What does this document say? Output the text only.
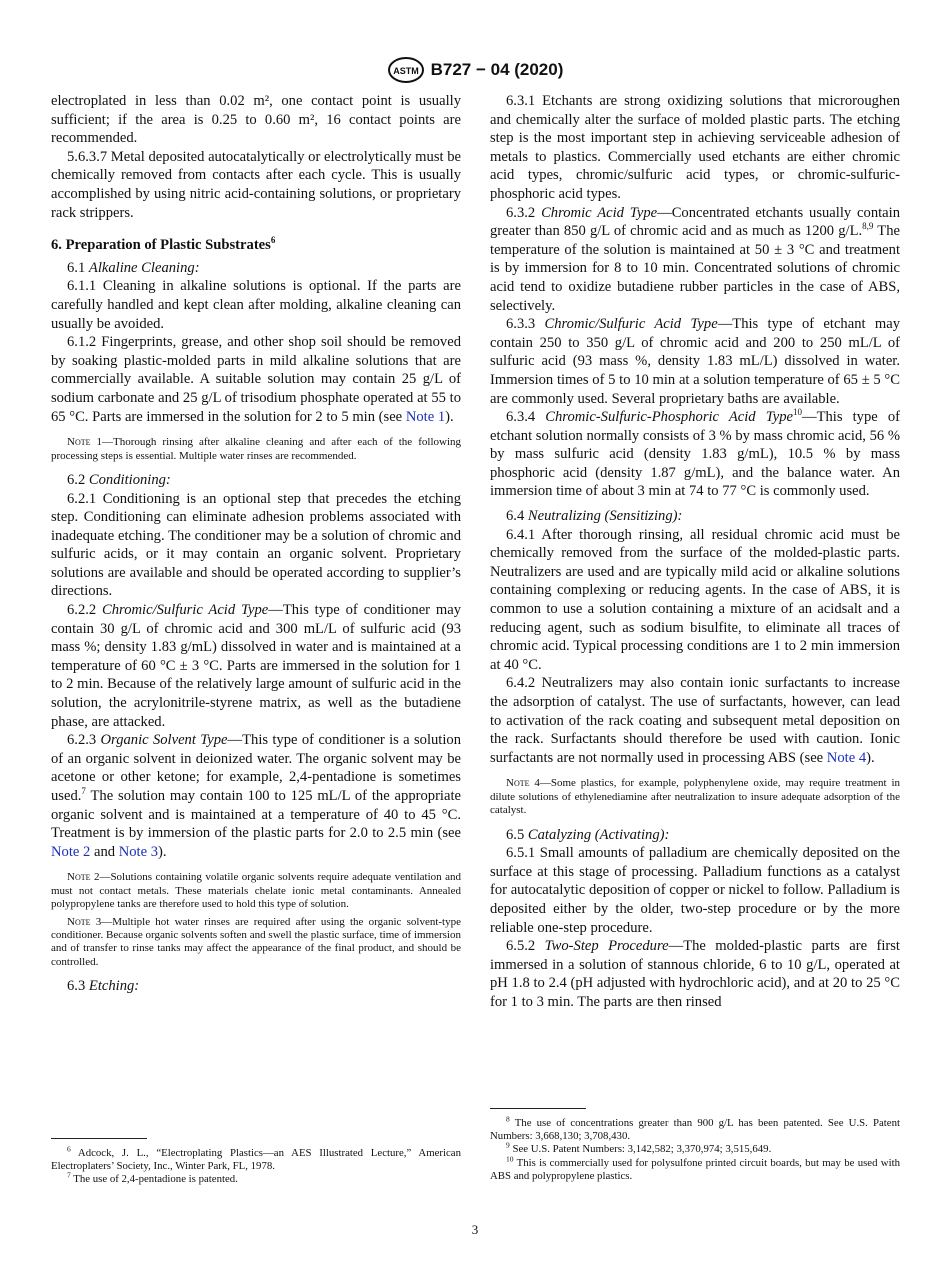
ASTM B727 − 04 (2020)

electroplated in less than 0.02 m², one contact point is usually sufficient; if the area is 0.25 to 0.60 m², 16 contact points are recommended.

5.6.3.7 Metal deposited autocatalytically or electrolytically must be chemically removed from contacts after each cycle. This is usually accomplished by using nitric acid-containing solutions, or proprietary rack strippers.

6. Preparation of Plastic Substrates$^6$

6.1 Alkaline Cleaning:

6.1.1 Cleaning in alkaline solutions is optional. If the parts are carefully handled and kept clean after molding, alkaline cleaning can usually be avoided.

6.1.2 Fingerprints, grease, and other shop soil should be removed by soaking plastic-molded parts in mild alkaline solutions that are commercially available. A suitable solution may contain 25 g/L of sodium carbonate and 25 g/L of trisodium phosphate operated at 55 to 65 °C. Parts are immersed in the solution for 2 to 5 min (see Note 1).

Note 1—Thorough rinsing after alkaline cleaning and after each of the following processing steps is essential. Multiple water rinses are recommended.

6.2 Conditioning:

6.2.1 Conditioning is an optional step that precedes the etching step. Conditioning can eliminate adhesion problems associated with inadequate etching. The conditioner may be a solution of chromic and sulfuric acids, or it may contain an organic solvent. Proprietary solutions are available and should be operated according to supplier’s directions.

6.2.2 Chromic/Sulfuric Acid Type—This type of conditioner may contain 30 g/L of chromic acid and 300 mL/L of sulfuric acid (93 mass %; density 1.83 g/mL) dissolved in water and is maintained at a temperature of 60 °C ± 3 °C. Parts are immersed in the solution for 1 to 2 min. Because of the relatively large amount of sulfuric acid in the solution, the acrylonitrile-styrene matrix, as well as the butadiene phase, are attacked.

6.2.3 Organic Solvent Type—This type of conditioner is a solution of an organic solvent in deionized water. The organic solvent may be acetone or other ketone; for example, 2,4-pentadione is sometimes used.$^7$ The solution may contain 100 to 125 mL/L of the appropriate organic solvent and is maintained at a temperature of 40 to 45 °C. Treatment is by immersion of the plastic parts for 2.0 to 2.5 min (see Note 2 and Note 3).

Note 2—Solutions containing volatile organic solvents require adequate ventilation and must not contact metals. These materials chelate ionic metal contaminants. Annealed polypropylene tanks are therefore used to hold this type of solution.

Note 3—Multiple hot water rinses are required after using the organic solvent-type conditioner. Because organic solvents soften and swell the plastic surface, time of immersion and of transfer to rinse tanks may affect the appearance of the final product, and should be controlled.

6.3 Etching:

6.3.1 Etchants are strong oxidizing solutions that microroughen and chemically alter the surface of molded plastic parts. The etching step is the most important step in achieving serviceable adhesion of metals to plastics. Commercially used etchants are either chromic acid types, chromic/sulfuric acid types, or chromic-sulfuric-phosphoric acid types.

6.3.2 Chromic Acid Type—Concentrated etchants usually contain greater than 850 g/L of chromic acid and as much as 1200 g/L.$^{8,9}$ The temperature of the solution is maintained at 50 ± 3 °C and treatment is by immersion for 8 to 10 min. Concentrated solutions of chromic acid tend to oxidize butadiene rubber particles in the case of ABS, selectively.

6.3.3 Chromic/Sulfuric Acid Type—This type of etchant may contain 250 to 350 g/L of chromic acid and 200 to 250 mL/L of sulfuric acid (93 mass %, density 1.83 mL/L) dissolved in water. Immersion times of 5 to 10 min at a solution temperature of 65 ± 5 °C are commonly used. Several proprietary baths are available.

6.3.4 Chromic-Sulfuric-Phosphoric Acid Type$^{10}$—This type of etchant solution normally consists of 3 % by mass chromic acid, 56 % by mass sulfuric acid (density 1.83 g/mL), 10.5 % by mass phosphoric acid (density 1.87 g/mL), and the balance water. An immersion time of about 3 min at 74 to 77 °C is commonly used.

6.4 Neutralizing (Sensitizing):

6.4.1 After thorough rinsing, all residual chromic acid must be chemically removed from the surface of the molded-plastic parts. Neutralizers are used and are typically mild acid or alkaline solutions containing complexing or reducing agents. In the case of ABS, it is common to use a solution containing a mixture of an acidsalt and a reducing agent, such as sodium bisulfite, to eliminate all traces of chromic acid. Typical processing conditions are 1 to 2 min immersion at 40 °C.

6.4.2 Neutralizers may also contain ionic surfactants to increase the adsorption of catalyst. The use of surfactants, however, can lead to activation of the rack coating and subsequent metal deposition on the rack. Surfactants should therefore be used with caution. Ionic surfactants are not normally used in processing ABS (see Note 4).

Note 4—Some plastics, for example, polyphenylene oxide, may require treatment in dilute solutions of ethylenediamine after neutralization to insure adequate adsorption of the catalyst.

6.5 Catalyzing (Activating):

6.5.1 Small amounts of palladium are chemically deposited on the surface at this stage of processing. Palladium functions as a catalyst for autocatalytic deposition of copper or nickel to follow. Palladium is deposited either by the older, two-step procedure or by the more reliable one-step procedure.

6.5.2 Two-Step Procedure—The molded-plastic parts are first immersed in a solution of stannous chloride, 6 to 10 g/L, operated at pH 1.8 to 2.4 (pH adjusted with hydrochloric acid), and at 20 to 25 °C for 1 to 3 min. The parts are then rinsed

$^6$ Adcock, J. L., “Electroplating Plastics—an AES Illustrated Lecture,” American Electroplaters’ Society, Inc., Winter Park, FL, 1978.

$^7$ The use of 2,4-pentadione is patented.

$^8$ The use of concentrations greater than 900 g/L has been patented. See U.S. Patent Numbers: 3,668,130; 3,708,430.

$^9$ See U.S. Patent Numbers: 3,142,582; 3,370,974; 3,515,649.

$^{10}$ This is commercially used for polysulfone printed circuit boards, but may be used with ABS and polypropylene plastics.

3
